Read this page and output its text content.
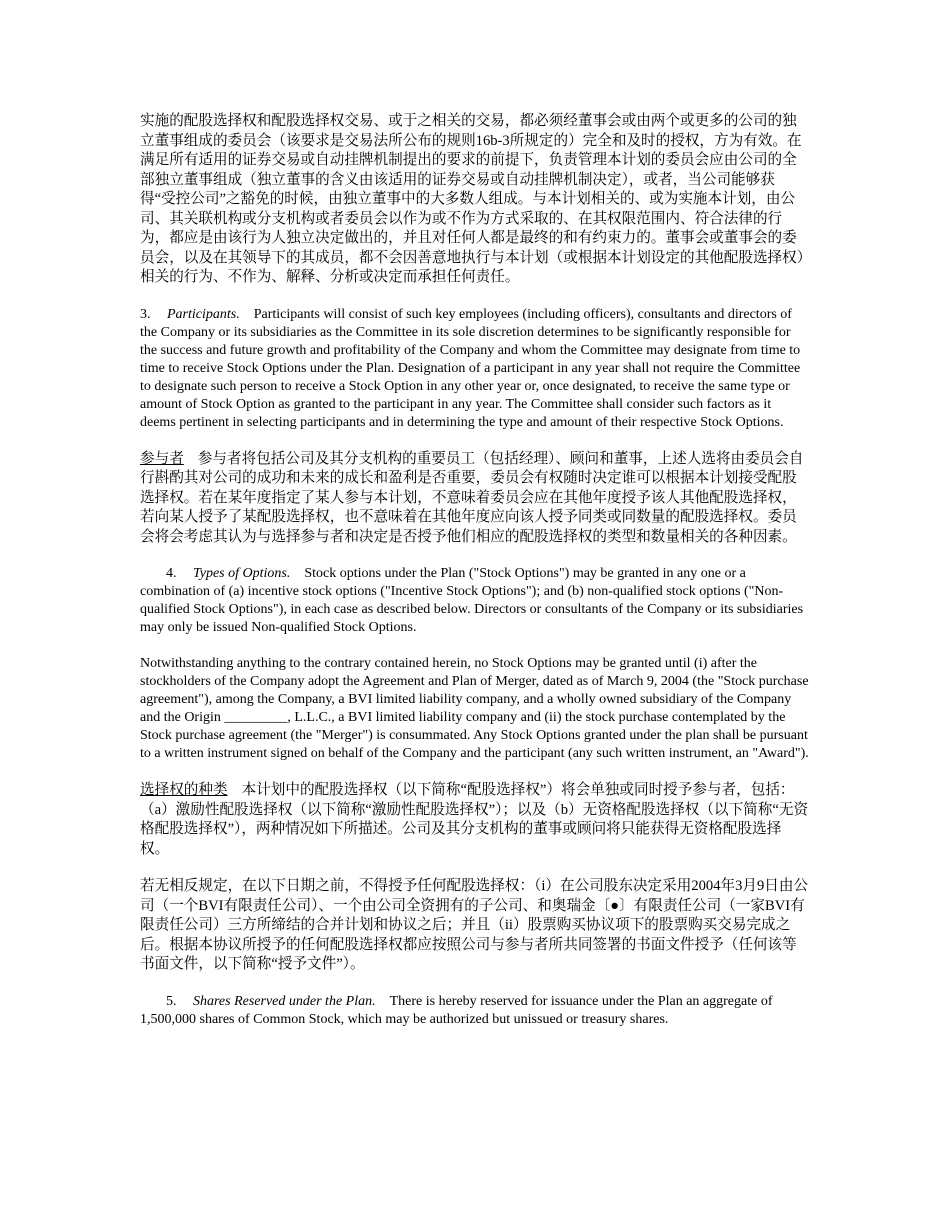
实施的配股选择权和配股选择权交易、或于之相关的交易，都必须经董事会或由两个或更多的公司的独立董事组成的委员会（该要求是交易法所公布的规则16b-3所规定的）完全和及时的授权，方为有效。在满足所有适用的证券交易或自动挂牌机制提出的要求的前提下，负责管理本计划的委员会应由公司的全部独立董事组成（独立董事的含义由该适用的证券交易或自动挂牌机制决定），或者，当公司能够获得“受控公司”之豁免的时候，由独立董事中的大多数人组成。与本计划相关的、或为实施本计划，由公司、其关联机构或分支机构或者委员会以作为或不作为方式采取的、在其权限范围内、符合法律的行为，都应是由该行为人独立决定做出的，并且对任何人都是最终的和有约束力的。董事会或董事会的委员会，以及在其领导下的其成员，都不会因善意地执行与本计划（或根据本计划设定的其他配股选择权）相关的行为、不作为、解释、分析或决定而承担任何责任。

3. Participants. Participants will consist of such key employees (including officers), consultants and directors of the Company or its subsidiaries as the Committee in its sole discretion determines to be significantly responsible for the success and future growth and profitability of the Company and whom the Committee may designate from time to time to receive Stock Options under the Plan. Designation of a participant in any year shall not require the Committee to designate such person to receive a Stock Option in any other year or, once designated, to receive the same type or amount of Stock Option as granted to the participant in any year. The Committee shall consider such factors as it deems pertinent in selecting participants and in determining the type and amount of their respective Stock Options.

参与者 参与者将包括公司及其分支机构的重要员工（包括经理）、顾问和董事，上述人选将由委员会自行斟酌其对公司的成功和未来的成长和盈利是否重要，委员会有权随时决定谁可以根据本计划接受配股选择权。若在某年度指定了某人参与本计划，不意味着委员会应在其他年度授予该人其他配股选择权，若向某人授予了某配股选择权，也不意味着在其他年度应向该人授予同类或同数量的配股选择权。委员会将会考虑其认为与选择参与者和决定是否授予他们相应的配股选择权的类型和数量相关的各种因素。

4. Types of Options. Stock options under the Plan ("Stock Options") may be granted in any one or a combination of (a) incentive stock options ("Incentive Stock Options"); and (b) non-qualified stock options ("Non-qualified Stock Options"), in each case as described below. Directors or consultants of the Company or its subsidiaries may only be issued Non-qualified Stock Options.

Notwithstanding anything to the contrary contained herein, no Stock Options may be granted until (i) after the stockholders of the Company adopt the Agreement and Plan of Merger, dated as of March 9, 2004 (the "Stock purchase agreement"), among the Company, a BVI limited liability company, and a wholly owned subsidiary of the Company and the Origin _________, L.L.C., a BVI limited liability company and (ii) the stock purchase contemplated by the Stock purchase agreement (the "Merger") is consummated. Any Stock Options granted under the plan shall be pursuant to a written instrument signed on behalf of the Company and the participant (any such written instrument, an "Award").

选择权的种类 本计划中的配股选择权（以下简称“配股选择权”）将会单独或同时授予参与者，包括：（a）激励性配股选择权（以下简称“激励性配股选择权”）；以及（b）无资格配股选择权（以下简称“无资格配股选择权”），两种情况如下所描述。公司及其分支机构的董事或顾问将只能获得无资格配股选择权。

若无相反规定，在以下日期之前，不得授予任何配股选择权：（i）在公司股东决定采用2004年3月9日由公司（一个BVI有限责任公司）、一个由公司全资拥有的子公司、和奥瑞金〔●〕有限责任公司（一家BVI有限责任公司）三方所缔结的合并计划和协议之后；并且（ii）股票购买协议项下的股票购买交易完成之后。根据本协议所授予的任何配股选择权都应按照公司与参与者所共同签署的书面文件授予（任何该等书面文件，以下简称“授予文件”）。

5. Shares Reserved under the Plan. There is hereby reserved for issuance under the Plan an aggregate of 1,500,000 shares of Common Stock, which may be authorized but unissued or treasury shares.
